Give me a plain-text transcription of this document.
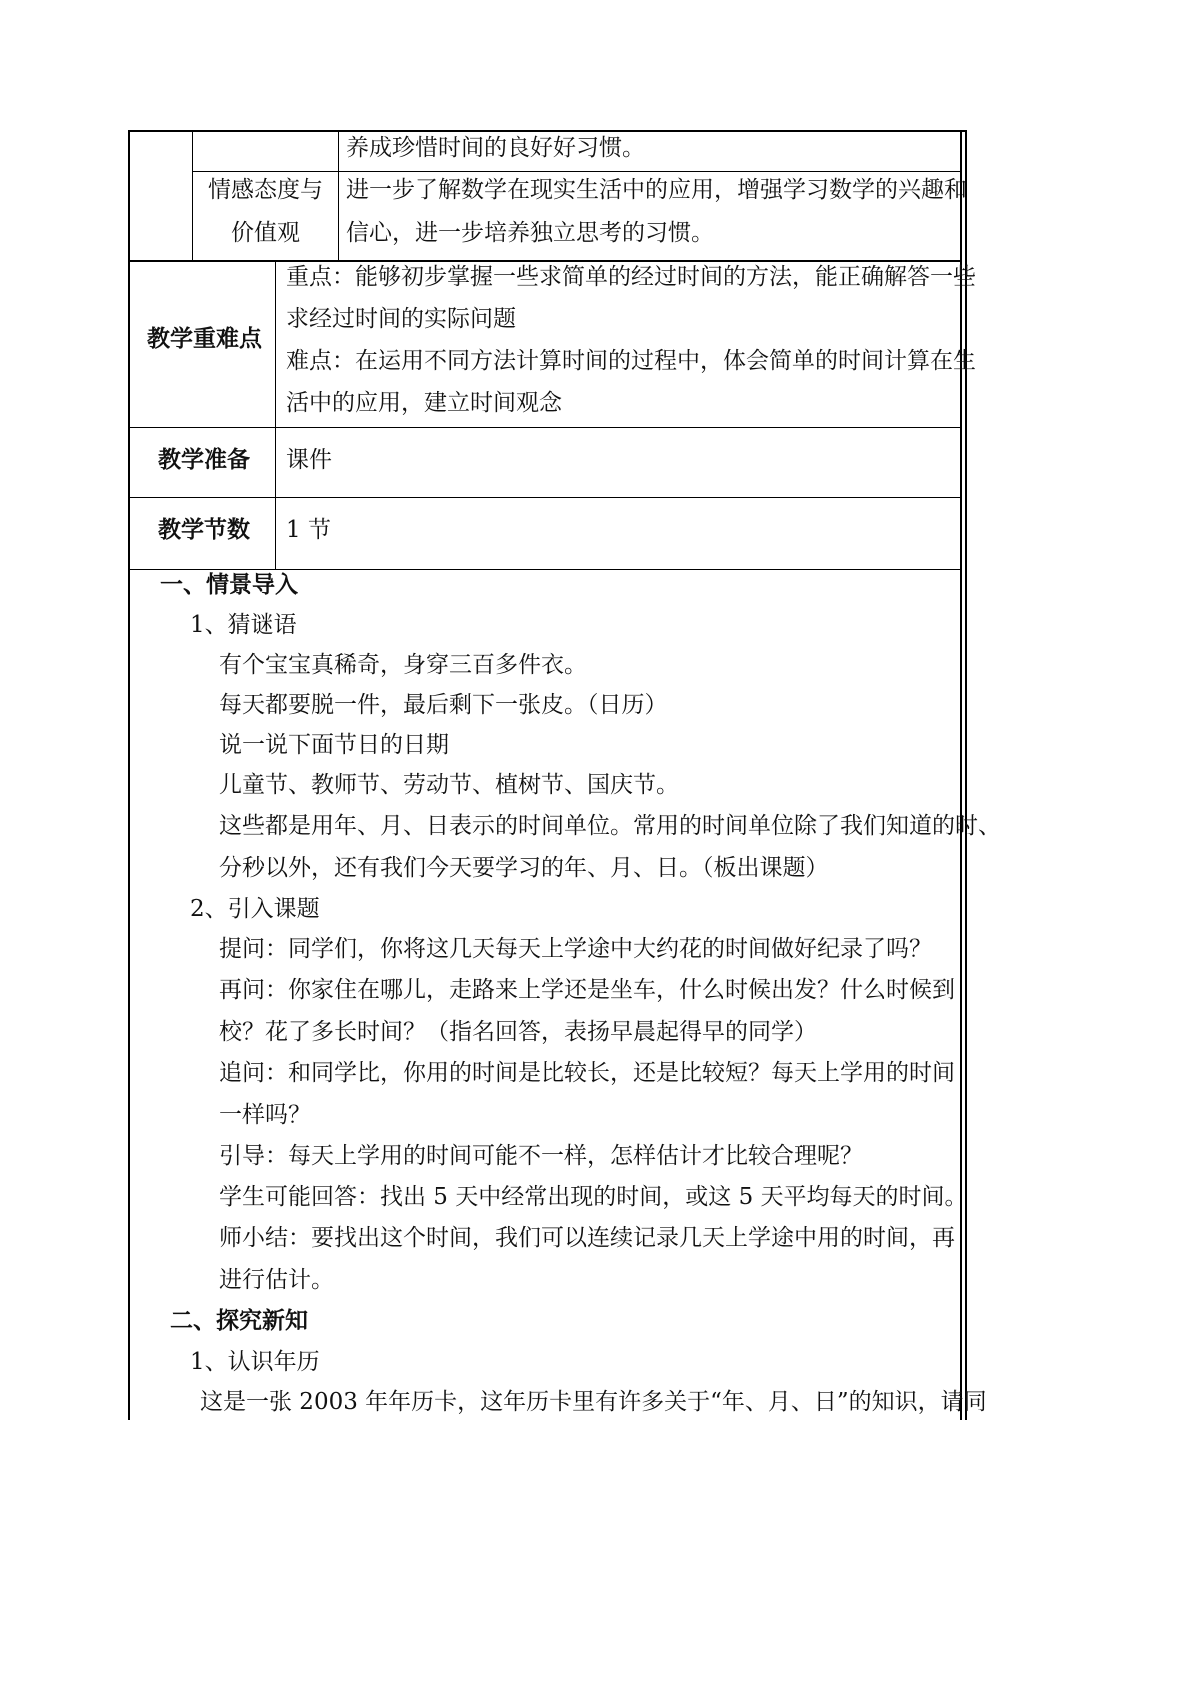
养成珍惜时间的良好好习惯。
情感态度与
价值观
进一步了解数学在现实生活中的应用，增强学习数学的兴趣和
信心，进一步培养独立思考的习惯。
教学重难点
重点：能够初步掌握一些求简单的经过时间的方法，能正确解答一些
求经过时间的实际问题
难点：在运用不同方法计算时间的过程中，体会简单的时间计算在生
活中的应用，建立时间观念
教学准备 课件
教学节数 1 节
一、情景导入
1、猜谜语
有个宝宝真稀奇，身穿三百多件衣。
每天都要脱一件，最后剩下一张皮。（日历）
说一说下面节日的日期
儿童节、教师节、劳动节、植树节、国庆节。
这些都是用年、月、日表示的时间单位。常用的时间单位除了我们知道的时、
分秒以外，还有我们今天要学习的年、月、日。（板出课题）
2、引入课题
提问：同学们，你将这几天每天上学途中大约花的时间做好纪录了吗？
再问：你家住在哪儿，走路来上学还是坐车，什么时候出发？什么时候到
校？花了多长时间？（指名回答，表扬早晨起得早的同学）
追问：和同学比，你用的时间是比较长，还是比较短？每天上学用的时间
一样吗？
引导：每天上学用的时间可能不一样，怎样估计才比较合理呢？
学生可能回答：找出 5 天中经常出现的时间，或这 5 天平均每天的时间。
师小结：要找出这个时间，我们可以连续记录几天上学途中用的时间，再
进行估计。
二、探究新知
1、认识年历
这是一张 2003 年年历卡，这年历卡里有许多关于“年、月、日”的知识，请同
